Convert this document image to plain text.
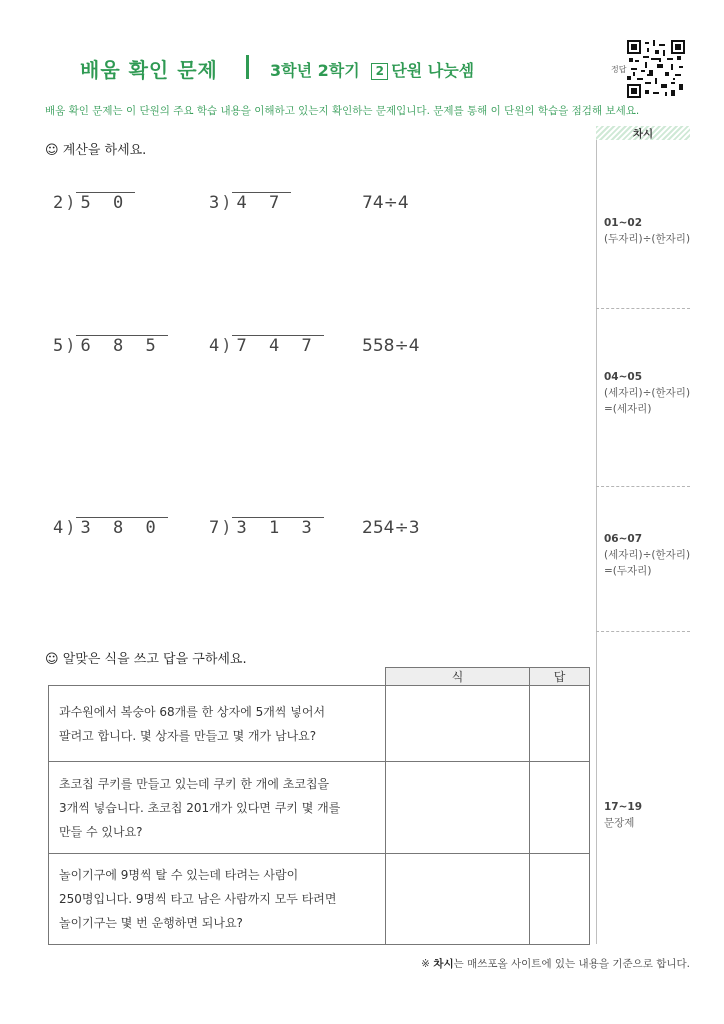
배움 확인 문제	3학년 2학기 2 단원 나눗셈	정답
배움 확인 문제는 이 단원의 주요 학습 내용을 이해하고 있는지 확인하는 문제입니다. 문제를 통해 이 단원의 학습을 점검해 보세요.
차시
01~02
(두자리)÷(한자리)
04~05
(세자리)÷(한자리)
=(세자리)
06~07
(세자리)÷(한자리)
=(두자리)
17~19
문장제
☺ 계산을 하세요.
2 ) 5 0	3 ) 4 7	74÷4
5 ) 6 8 5	4 ) 7 4 7	558÷4
4 ) 3 8 0	7 ) 3 1 3	254÷3
☺ 알맞은 식을 쓰고 답을 구하세요.
	식	답

과수원에서 복숭아 68개를 한 상자에 5개씩 넣어서
팔려고 합니다. 몇 상자를 만들고 몇 개가 남나요?		

초코칩 쿠키를 만들고 있는데 쿠키 한 개에 초코칩을
3개씩 넣습니다. 초코칩 201개가 있다면 쿠키 몇 개를
만들 수 있나요?		

놀이기구에 9명씩 탈 수 있는데 타려는 사람이
250명입니다. 9명씩 타고 남은 사람까지 모두 타려면
놀이기구는 몇 번 운행하면 되나요?		

※ 차시는 매쓰포올 사이트에 있는 내용을 기준으로 합니다.
